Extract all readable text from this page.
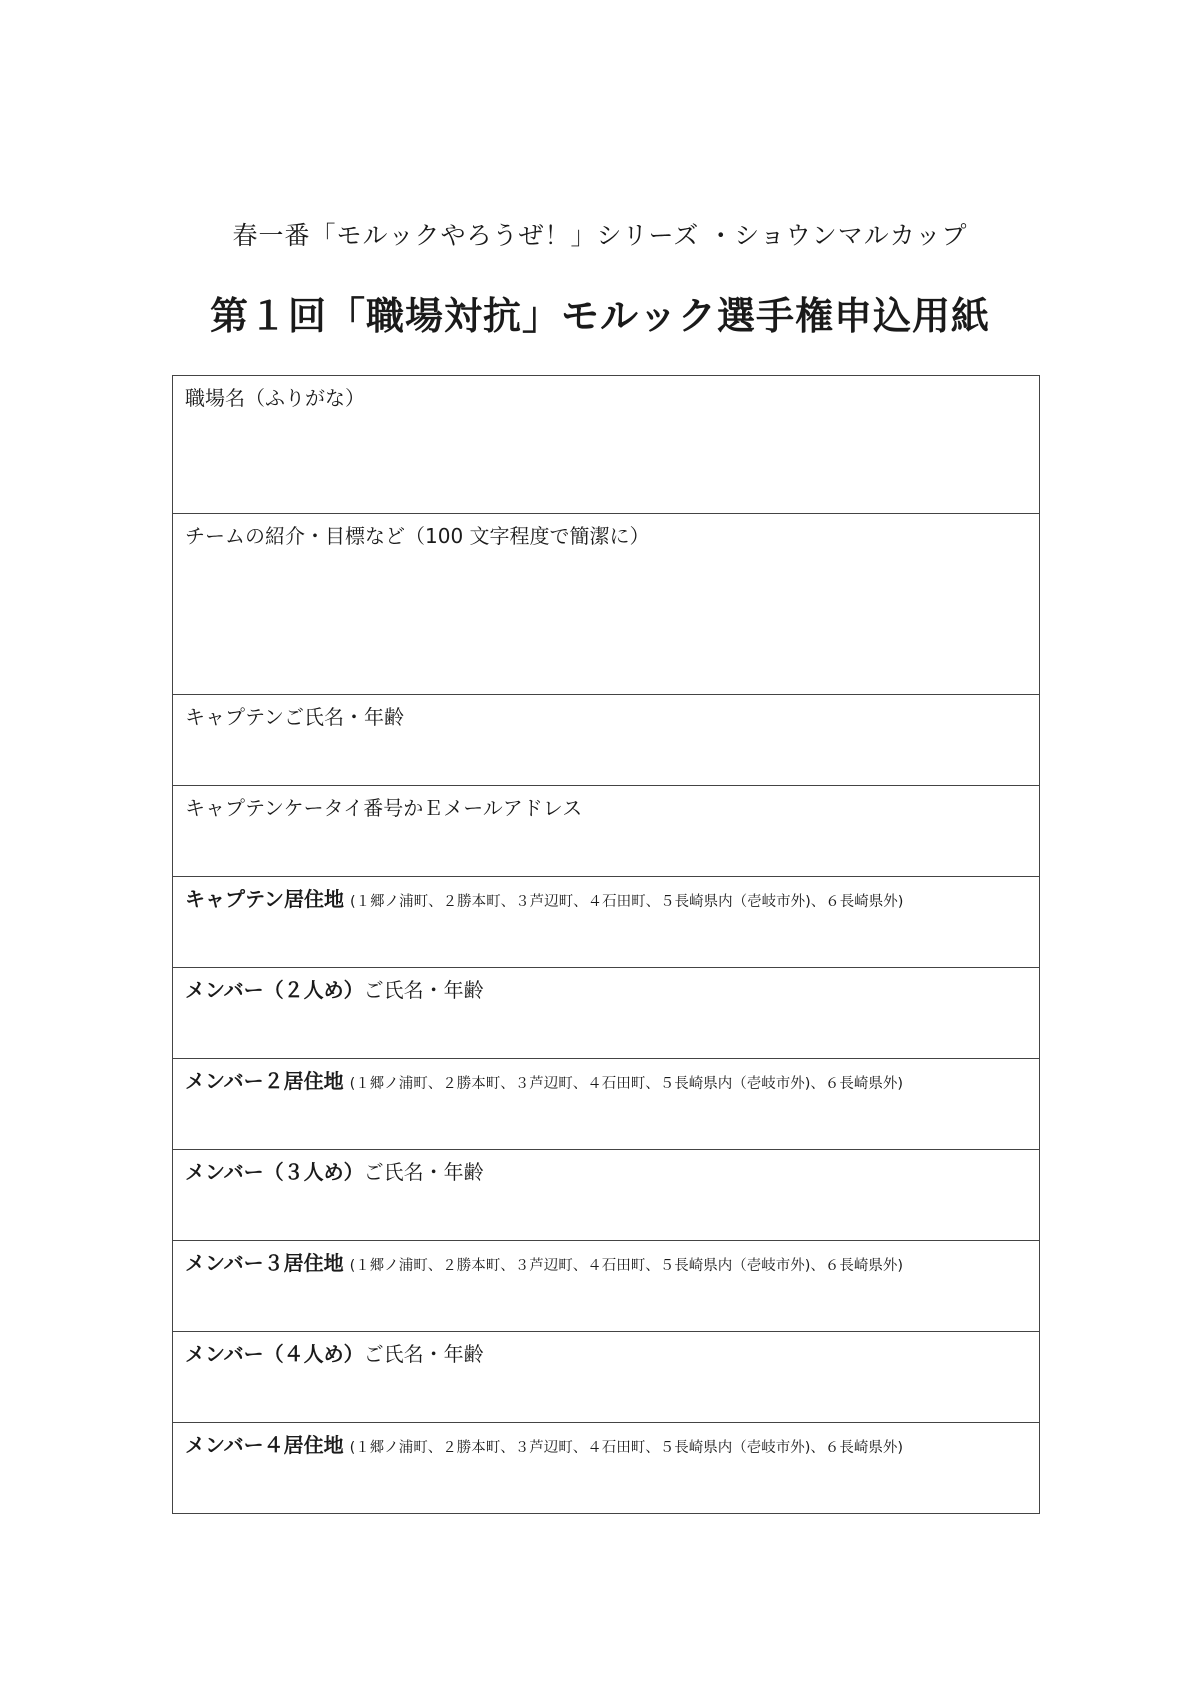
春一番「モルックやろうぜ！」シリーズ ・ショウンマルカップ
第１回「職場対抗」モルック選手権申込用紙
職場名（ふりがな）
チームの紹介・目標など（100 文字程度で簡潔に）
キャプテンご氏名・年齢
キャプテンケータイ番号かＥメールアドレス
キャプテン居住地 (１郷ノ浦町、２勝本町、３芦辺町、４石田町、５長崎県内（壱岐市外)、６長崎県外)
メンバー（２人め）ご氏名・年齢
メンバー２居住地 (１郷ノ浦町、２勝本町、３芦辺町、４石田町、５長崎県内（壱岐市外)、６長崎県外)
メンバー（３人め）ご氏名・年齢
メンバー３居住地 (１郷ノ浦町、２勝本町、３芦辺町、４石田町、５長崎県内（壱岐市外)、６長崎県外)
メンバー（４人め）ご氏名・年齢
メンバー４居住地 (１郷ノ浦町、２勝本町、３芦辺町、４石田町、５長崎県内（壱岐市外)、６長崎県外)
